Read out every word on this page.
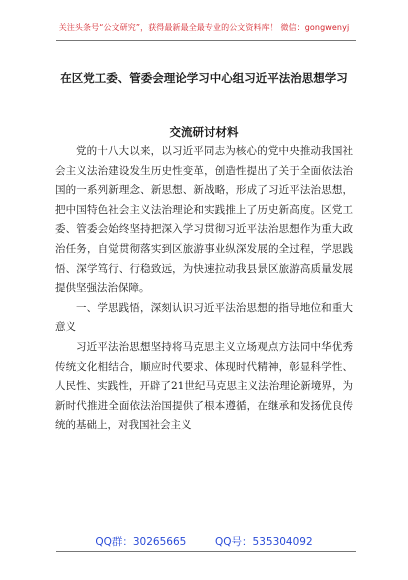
关注头条号“公文研究”，获得最新最全最专业的公文资料库！ 微信：gongwenyj
在区党工委、管委会理论学习中心组习近平法治思想学习
交流研讨材料

党的十八大以来，以习近平同志为核心的党中央推动我国社会主义法治建设发生历史性变革，创造性提出了关于全面依法治国的一系列新理念、新思想、新战略，形成了习近平法治思想，把中国特色社会主义法治理论和实践推上了历史新高度。区党工委、管委会始终坚持把深入学习贯彻习近平法治思想作为重大政治任务，自觉贯彻落实到区旅游事业纵深发展的全过程，学思践悟、深学笃行、行稳致远，为快速拉动我县景区旅游高质量发展提供坚强法治保障。

一、学思践悟，深刻认识习近平法治思想的指导地位和重大意义

习近平法治思想坚持将马克思主义立场观点方法同中华优秀传统文化相结合，顺应时代要求、体现时代精神，彰显科学性、人民性、实践性，开辟了21世纪马克思主义法治理论新境界，为新时代推进全面依法治国提供了根本遵循，在继承和发扬优良传统的基础上，对我国社会主义

QQ群：30265665	QQ号：535304092
